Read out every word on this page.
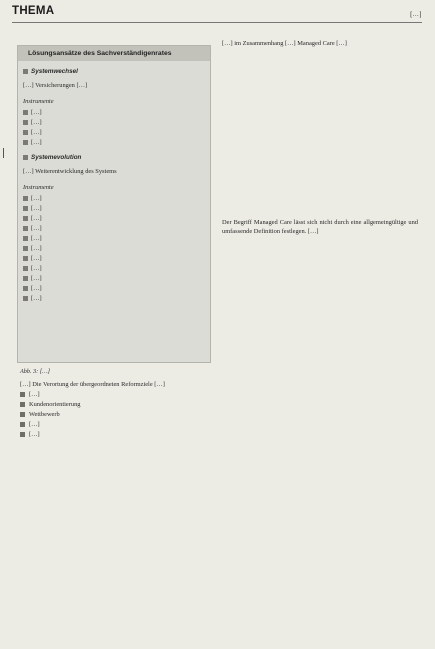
THEMA	[…]
Lösungsansätze des Sachverständigenrates
Systemwechsel

[…] Versicherungen […]

Instrumente
[…]
[…]
[…]
[…]
Systemevolution

[…] Weiterentwicklung des Systems

Instrumente
[…]
[…]
[…]
[…]
[…]
[…]
[…]
[…]
[…]
[…]
[…]
Abb. 3: […]

[…] Die Verortung der übergeordneten Reformziele […]

[…]
Kundenorientierung
Wettbewerb
[…]
[…]

[…] im Zusammenhang […] Managed Care […]

Der Begriff Managed Care lässt sich nicht durch eine allgemeingültige und umfassende Definition festlegen. […]
